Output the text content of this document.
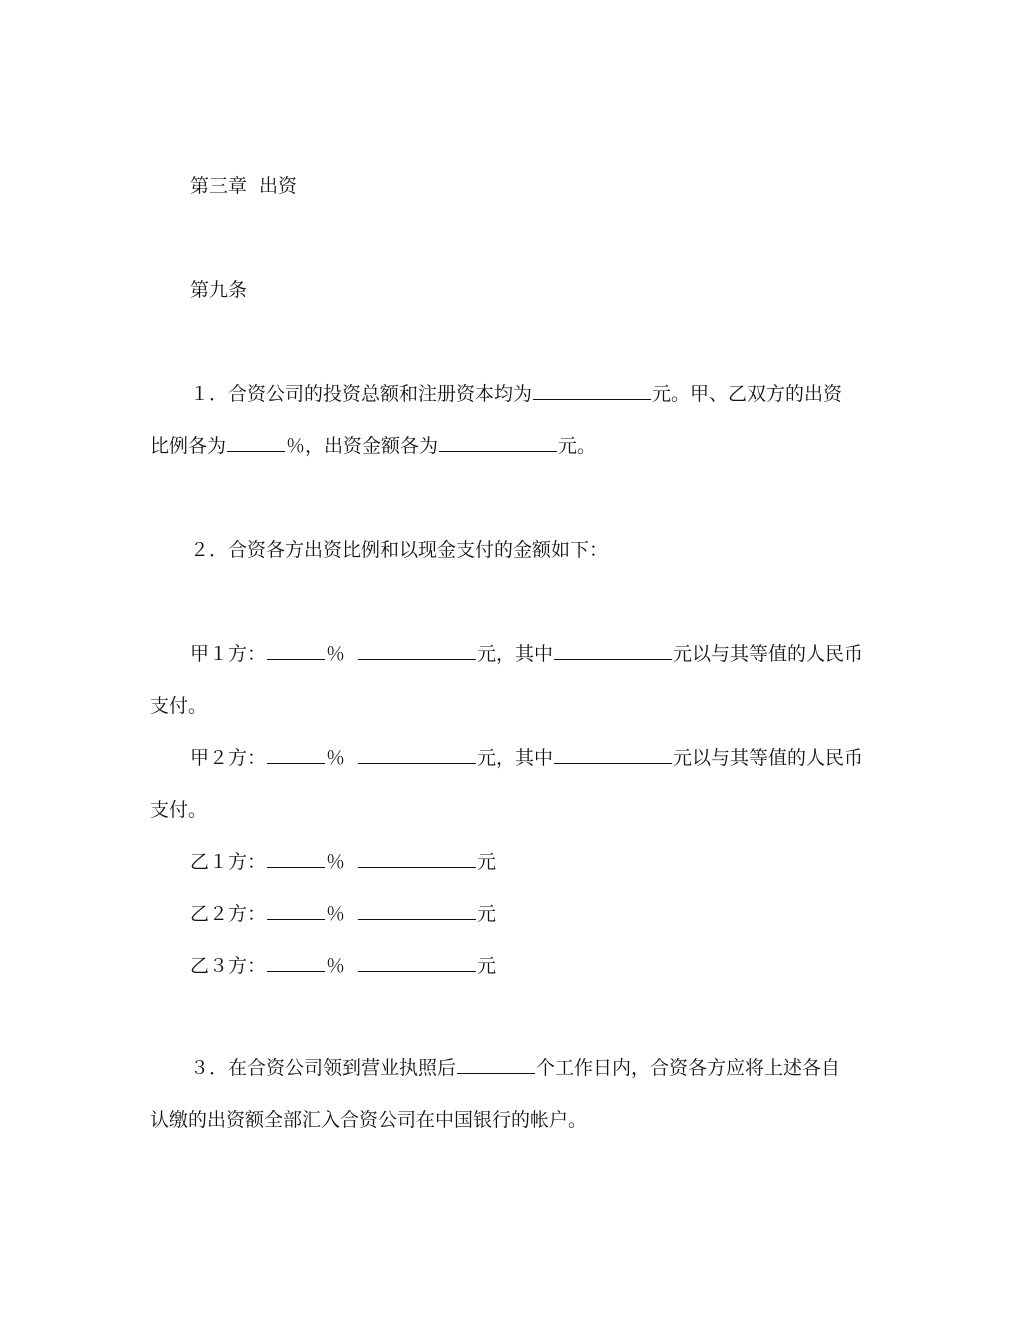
第三章 出资
第九条
１．合资公司的投资总额和注册资本均为	元。甲、乙双方的出资
比例各为	％，出资金额各为	元。
２．合资各方出资比例和以现金支付的金额如下：
甲１方：	％	元，其中	元以与其等值的人民币
支付。
甲２方：	％	元，其中	元以与其等值的人民币
支付。
乙１方：	％	元
乙２方：	％	元
乙３方：	％	元
３．在合资公司领到营业执照后	个工作日内，合资各方应将上述各自
认缴的出资额全部汇入合资公司在中国银行的帐户。
